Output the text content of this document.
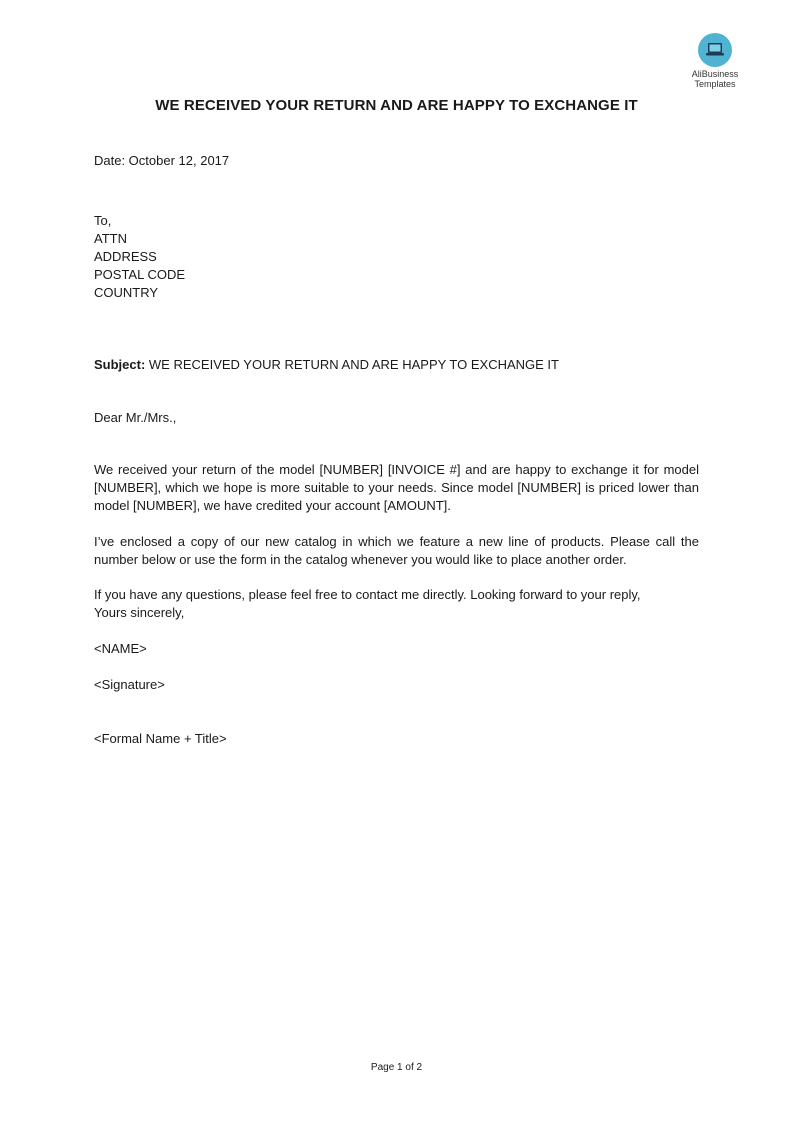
AliBusiness
Templates
WE RECEIVED YOUR RETURN AND ARE HAPPY TO EXCHANGE IT
Date: October 12, 2017
To,
ATTN
ADDRESS
POSTAL CODE
COUNTRY
Subject: WE RECEIVED YOUR RETURN AND ARE HAPPY TO EXCHANGE IT
Dear Mr./Mrs.,
We received your return of the model [NUMBER] [INVOICE #] and are happy to exchange it for model [NUMBER], which we hope is more suitable to your needs. Since model [NUMBER] is priced lower than model [NUMBER], we have credited your account [AMOUNT].
I’ve enclosed a copy of our new catalog in which we feature a new line of products. Please call the number below or use the form in the catalog whenever you would like to place another order.
If you have any questions, please feel free to contact me directly. Looking forward to your reply,
Yours sincerely,
<NAME>
<Signature>
<Formal Name + Title>
Page 1 of 2
